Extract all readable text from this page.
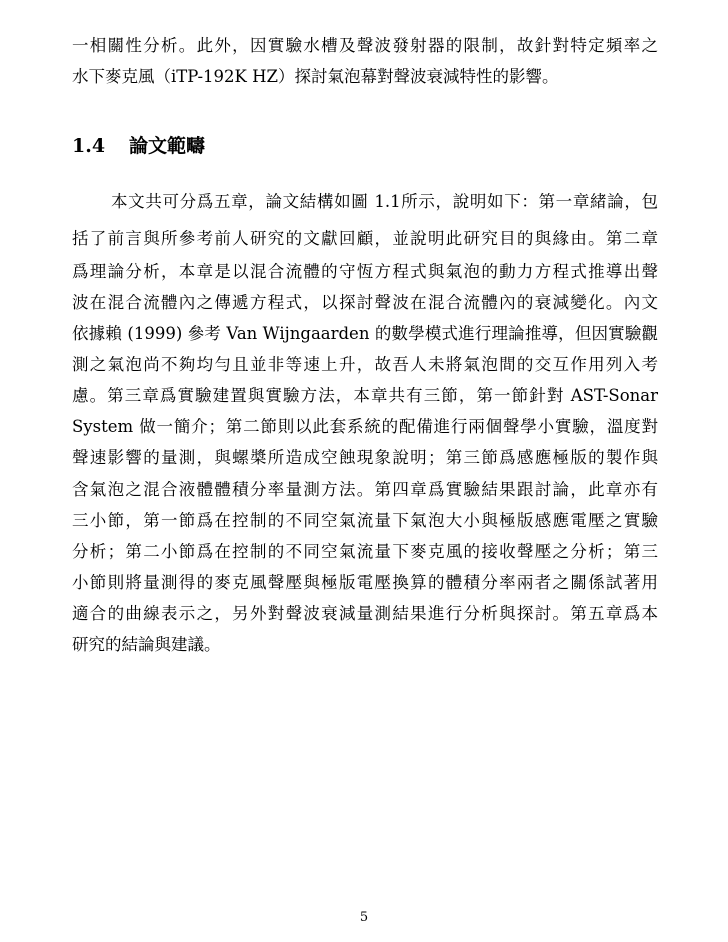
一相關性分析。此外，因實驗水槽及聲波發射器的限制，故針對特定頻率之
水下麥克風（iTP-192K HZ）探討氣泡幕對聲波衰減特性的影響。
1.4 論文範疇
本文共可分爲五章，論文結構如圖 1.1所示，說明如下：第一章緒論，包
括了前言與所參考前人研究的文獻回顧，並說明此研究目的與緣由。第二章
爲理論分析，本章是以混合流體的守恆方程式與氣泡的動力方程式推導出聲
波在混合流體內之傳遞方程式，以探討聲波在混合流體內的衰減變化。內文
依據賴 (1999) 參考 Van Wijngaarden 的數學模式進行理論推導，但因實驗觀
測之氣泡尚不夠均勻且並非等速上升，故吾人未將氣泡間的交互作用列入考
慮。第三章爲實驗建置與實驗方法，本章共有三節，第一節針對 AST-Sonar
System 做一簡介；第二節則以此套系統的配備進行兩個聲學小實驗，溫度對
聲速影響的量測，與螺槳所造成空蝕現象說明；第三節爲感應極版的製作與
含氣泡之混合液體體積分率量測方法。第四章爲實驗結果跟討論，此章亦有
三小節，第一節爲在控制的不同空氣流量下氣泡大小與極版感應電壓之實驗
分析；第二小節爲在控制的不同空氣流量下麥克風的接收聲壓之分析；第三
小節則將量測得的麥克風聲壓與極版電壓換算的體積分率兩者之關係試著用
適合的曲線表示之，另外對聲波衰減量測結果進行分析與探討。第五章爲本
研究的結論與建議。
5
